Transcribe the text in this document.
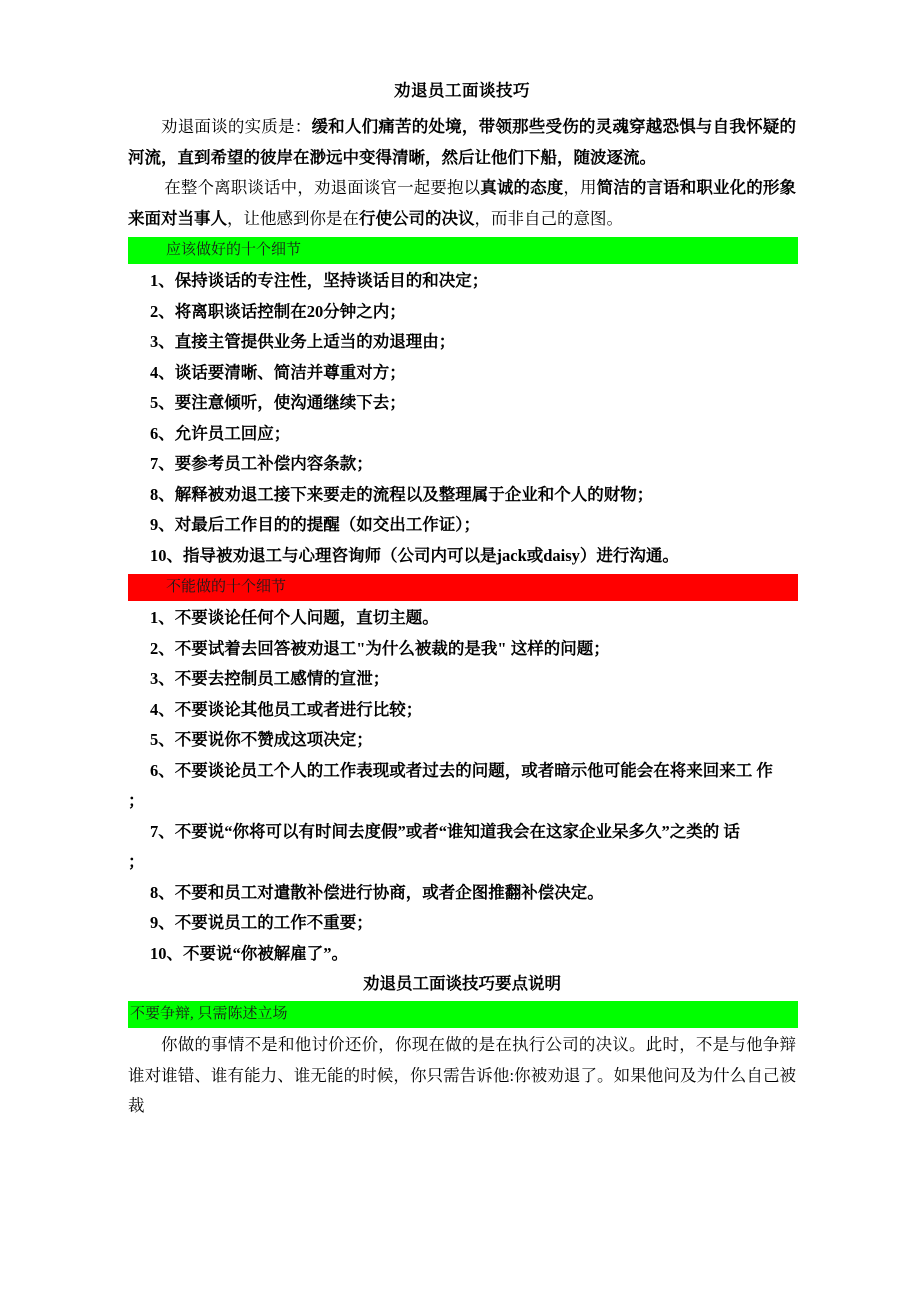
劝退员工面谈技巧

劝退面谈的实质是：缓和人们痛苦的处境，带领那些受伤的灵魂穿越恐惧与自我怀疑的河流，直到希望的彼岸在渺远中变得清晰，然后让他们下船，随波逐流。

在整个离职谈话中，劝退面谈官一起要抱以真诚的态度，用简洁的言语和职业化的形象来面对当事人，让他感到你是在行使公司的决议，而非自己的意图。

应该做好的十个细节

1、保持谈话的专注性，坚持谈话目的和决定；

2、将离职谈话控制在20分钟之内；

3、直接主管提供业务上适当的劝退理由；

4、谈话要清晰、简洁并尊重对方；

5、要注意倾听，使沟通继续下去；

6、允许员工回应；

7、要参考员工补偿内容条款；

8、解释被劝退工接下来要走的流程以及整理属于企业和个人的财物；

9、对最后工作目的的提醒（如交出工作证）；

10、指导被劝退工与心理咨询师（公司内可以是jack或daisy）进行沟通。

不能做的十个细节

1、不要谈论任何个人问题，直切主题。

2、不要试着去回答被劝退工"为什么被裁的是我" 这样的问题；

3、不要去控制员工感情的宣泄；

4、不要谈论其他员工或者进行比较；

5、不要说你不赞成这项决定；

6、不要谈论员工个人的工作表现或者过去的问题，或者暗示他可能会在将来回来工 作

；

7、不要说“你将可以有时间去度假”或者“谁知道我会在这家企业呆多久”之类的 话

；

8、不要和员工对遣散补偿进行协商，或者企图推翻补偿决定。

9、不要说员工的工作不重要；

10、不要说“你被解雇了”。

劝退员工面谈技巧要点说明
不要争辩, 只需陈述立场

你做的事情不是和他讨价还价，你现在做的是在执行公司的决议。此时，不是与他争辩谁对谁错、谁有能力、谁无能的时候，你只需告诉他:你被劝退了。如果他问及为什么自己被裁
